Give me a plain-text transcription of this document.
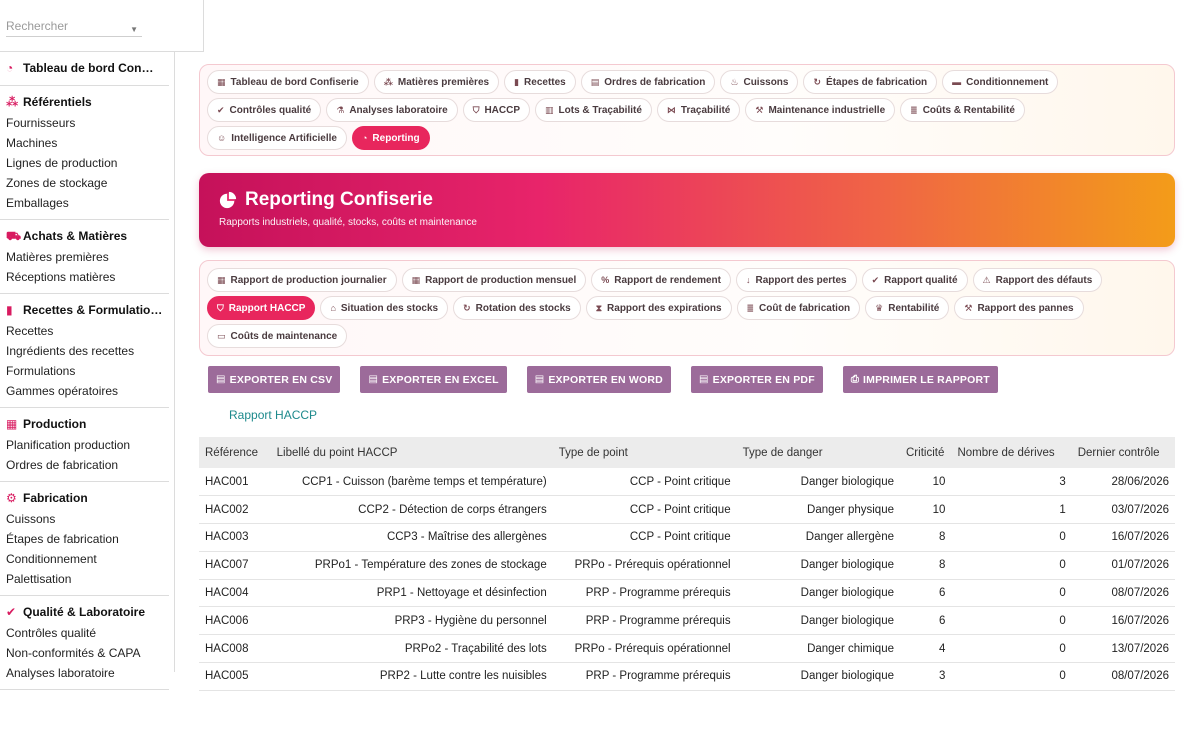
◔ Tableau de bord Con…
⁂ Référentiels
Fournisseurs
Machines
Lignes de production
Zones de stockage
Emballages
⛟ Achats & Matières
Matières premières
Réceptions matières
▮ Recettes & Formulatio…
Recettes
Ingrédients des recettes
Formulations
Gammes opératoires
▦ Production
Planification production
Ordres de fabrication
⚙ Fabrication
Cuissons
Étapes de fabrication
Conditionnement
Palettisation
✔ Qualité & Laboratoire
Contrôles qualité
Non-conformités & CAPA
Analyses laboratoire
Rechercher	▼
▦ Tableau de bord Confiserie	⁂ Matières premières	▮ Recettes	▤ Ordres de fabrication	♨ Cuissons	↻ Étapes de fabrication	▬ Conditionnement
✔ Contrôles qualité	⚗ Analyses laboratoire	⛉ HACCP	▥ Lots & Traçabilité	⋈ Traçabilité	⚒ Maintenance industrielle	≣ Coûts & Rentabilité
☺ Intelligence Artificielle	◔ Reporting
Reporting Confiserie
Rapports industriels, qualité, stocks, coûts et maintenance
▦ Rapport de production journalier	▦ Rapport de production mensuel	% Rapport de rendement	↓ Rapport des pertes	✔ Rapport qualité	⚠ Rapport des défauts
⛉ Rapport HACCP	⌂ Situation des stocks	↻ Rotation des stocks	⧗ Rapport des expirations	≣ Coût de fabrication	♛ Rentabilité	⚒ Rapport des pannes
▭ Coûts de maintenance
▤ EXPORTER EN CSV	▤ EXPORTER EN EXCEL	▤ EXPORTER EN WORD	▤ EXPORTER EN PDF	⎙ IMPRIMER LE RAPPORT
Rapport HACCP
Référence	Libellé du point HACCP	Type de point	Type de danger	Criticité	Nombre de dérives	Dernier contrôle
HAC001	CCP1 - Cuisson (barème temps et température)	CCP - Point critique	Danger biologique	10	3	28/06/2026
HAC002	CCP2 - Détection de corps étrangers	CCP - Point critique	Danger physique	10	1	03/07/2026
HAC003	CCP3 - Maîtrise des allergènes	CCP - Point critique	Danger allergène	8	0	16/07/2026
HAC007	PRPo1 - Température des zones de stockage	PRPo - Prérequis opérationnel	Danger biologique	8	0	01/07/2026
HAC004	PRP1 - Nettoyage et désinfection	PRP - Programme prérequis	Danger biologique	6	0	08/07/2026
HAC006	PRP3 - Hygiène du personnel	PRP - Programme prérequis	Danger biologique	6	0	16/07/2026
HAC008	PRPo2 - Traçabilité des lots	PRPo - Prérequis opérationnel	Danger chimique	4	0	13/07/2026
HAC005	PRP2 - Lutte contre les nuisibles	PRP - Programme prérequis	Danger biologique	3	0	08/07/2026
